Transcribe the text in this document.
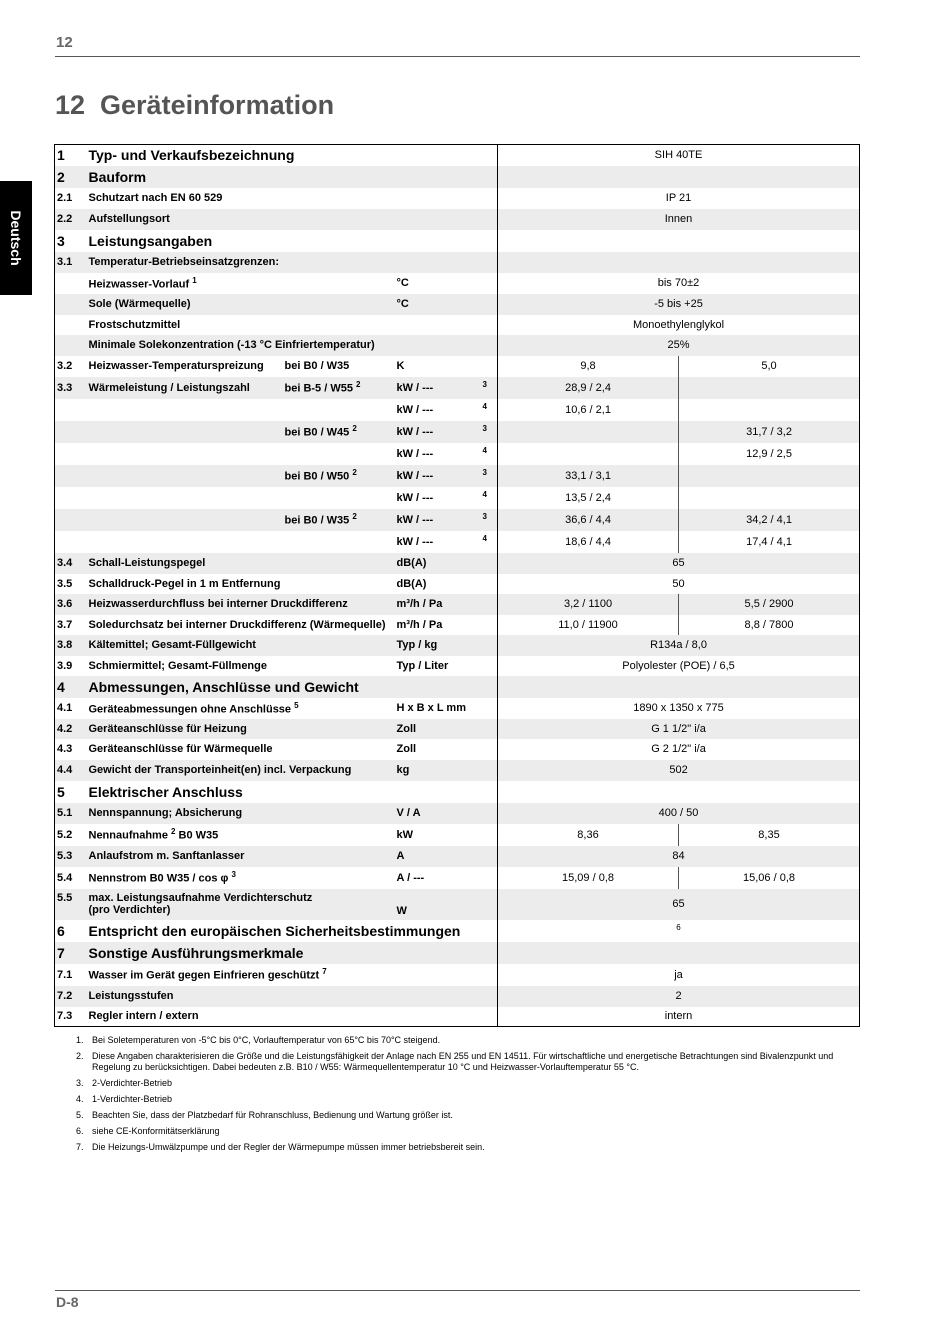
12
12  Geräteinformation
Deutsch
1	Typ- und Verkaufsbezeichnung				SIH 40TE	
2	Bauform					
2.1	Schutzart nach EN 60 529				IP 21	
2.2	Aufstellungsort				Innen	
3	Leistungsangaben					
3.1	Temperatur-Betriebseinsatzgrenzen:					
	Heizwasser-Vorlauf $^1$		°C		bis 70±2	
	Sole (Wärmequelle)		°C		-5 bis +25	
	Frostschutzmittel				Monoethylenglykol	
	Minimale Solekonzentration (-13 °C Einfriertemperatur)				25%	
3.2	Heizwasser-Temperaturspreizung	bei B0 / W35	K		9,8	5,0
3.3	Wärmeleistung / Leistungszahl	bei B-5 / W55 $^2$	kW / ---	3	28,9 / 2,4	
			kW / ---	4	10,6 / 2,1	
		bei B0 / W45 $^2$	kW / ---	3		31,7 / 3,2
			kW / ---	4		12,9 / 2,5
		bei B0 / W50 $^2$	kW / ---	3	33,1 / 3,1	
			kW / ---	4	13,5 / 2,4	
		bei B0 / W35 $^2$	kW / ---	3	36,6 / 4,4	34,2 / 4,1
			kW / ---	4	18,6 / 4,4	17,4 / 4,1
3.4	Schall-Leistungspegel		dB(A)		65	
3.5	Schalldruck-Pegel in 1 m Entfernung		dB(A)		50	
3.6	Heizwasserdurchfluss bei interner Druckdifferenz		m³/h / Pa		3,2 / 1100	5,5 / 2900
3.7	Soledurchsatz bei interner Druckdifferenz (Wärmequelle)		m³/h / Pa		11,0 / 11900	8,8 / 7800
3.8	Kältemittel; Gesamt-Füllgewicht		Typ / kg		R134a / 8,0	
3.9	Schmiermittel; Gesamt-Füllmenge		Typ / Liter		Polyolester (POE) / 6,5	
4	Abmessungen, Anschlüsse und Gewicht					
4.1	Geräteabmessungen ohne Anschlüsse $^5$		H x B x L mm		1890 x 1350 x 775	
4.2	Geräteanschlüsse für Heizung		Zoll		G 1 1/2" i/a	
4.3	Geräteanschlüsse für Wärmequelle		Zoll		G 2 1/2" i/a	
4.4	Gewicht der Transporteinheit(en) incl. Verpackung		kg		502	
5	Elektrischer Anschluss					
5.1	Nennspannung; Absicherung		V / A		400 / 50	
5.2	Nennaufnahme $^2$ B0 W35		kW		8,36	8,35
5.3	Anlaufstrom m. Sanftanlasser		A		84	
5.4	Nennstrom B0 W35 / cos φ $^3$		A / ---		15,09 / 0,8	15,06 / 0,8
5.5	max. Leistungsaufnahme Verdichterschutz
(pro Verdichter)		W		65	
6	Entspricht den europäischen Sicherheitsbestimmungen				6	
7	Sonstige Ausführungsmerkmale					
7.1	Wasser im Gerät gegen Einfrieren geschützt $^7$				ja	
7.2	Leistungsstufen				2	
7.3	Regler intern / extern				intern	
1. Bei Soletemperaturen von -5°C bis 0°C, Vorlauftemperatur von 65°C bis 70°C steigend.
2. Diese Angaben charakterisieren die Größe und die Leistungsfähigkeit der Anlage nach EN 255 und EN 14511. Für wirtschaftliche und energetische Betrachtungen sind Bivalenzpunkt und Regelung zu berücksichtigen. Dabei bedeuten z.B. B10 / W55: Wärmequellentemperatur 10 °C und Heizwasser-Vorlauftemperatur 55 °C.
3. 2-Verdichter-Betrieb
4. 1-Verdichter-Betrieb
5. Beachten Sie, dass der Platzbedarf für Rohranschluss, Bedienung und Wartung größer ist.
6. siehe CE-Konformitätserklärung
7. Die Heizungs-Umwälzpumpe und der Regler der Wärmepumpe müssen immer betriebsbereit sein.
D-8
